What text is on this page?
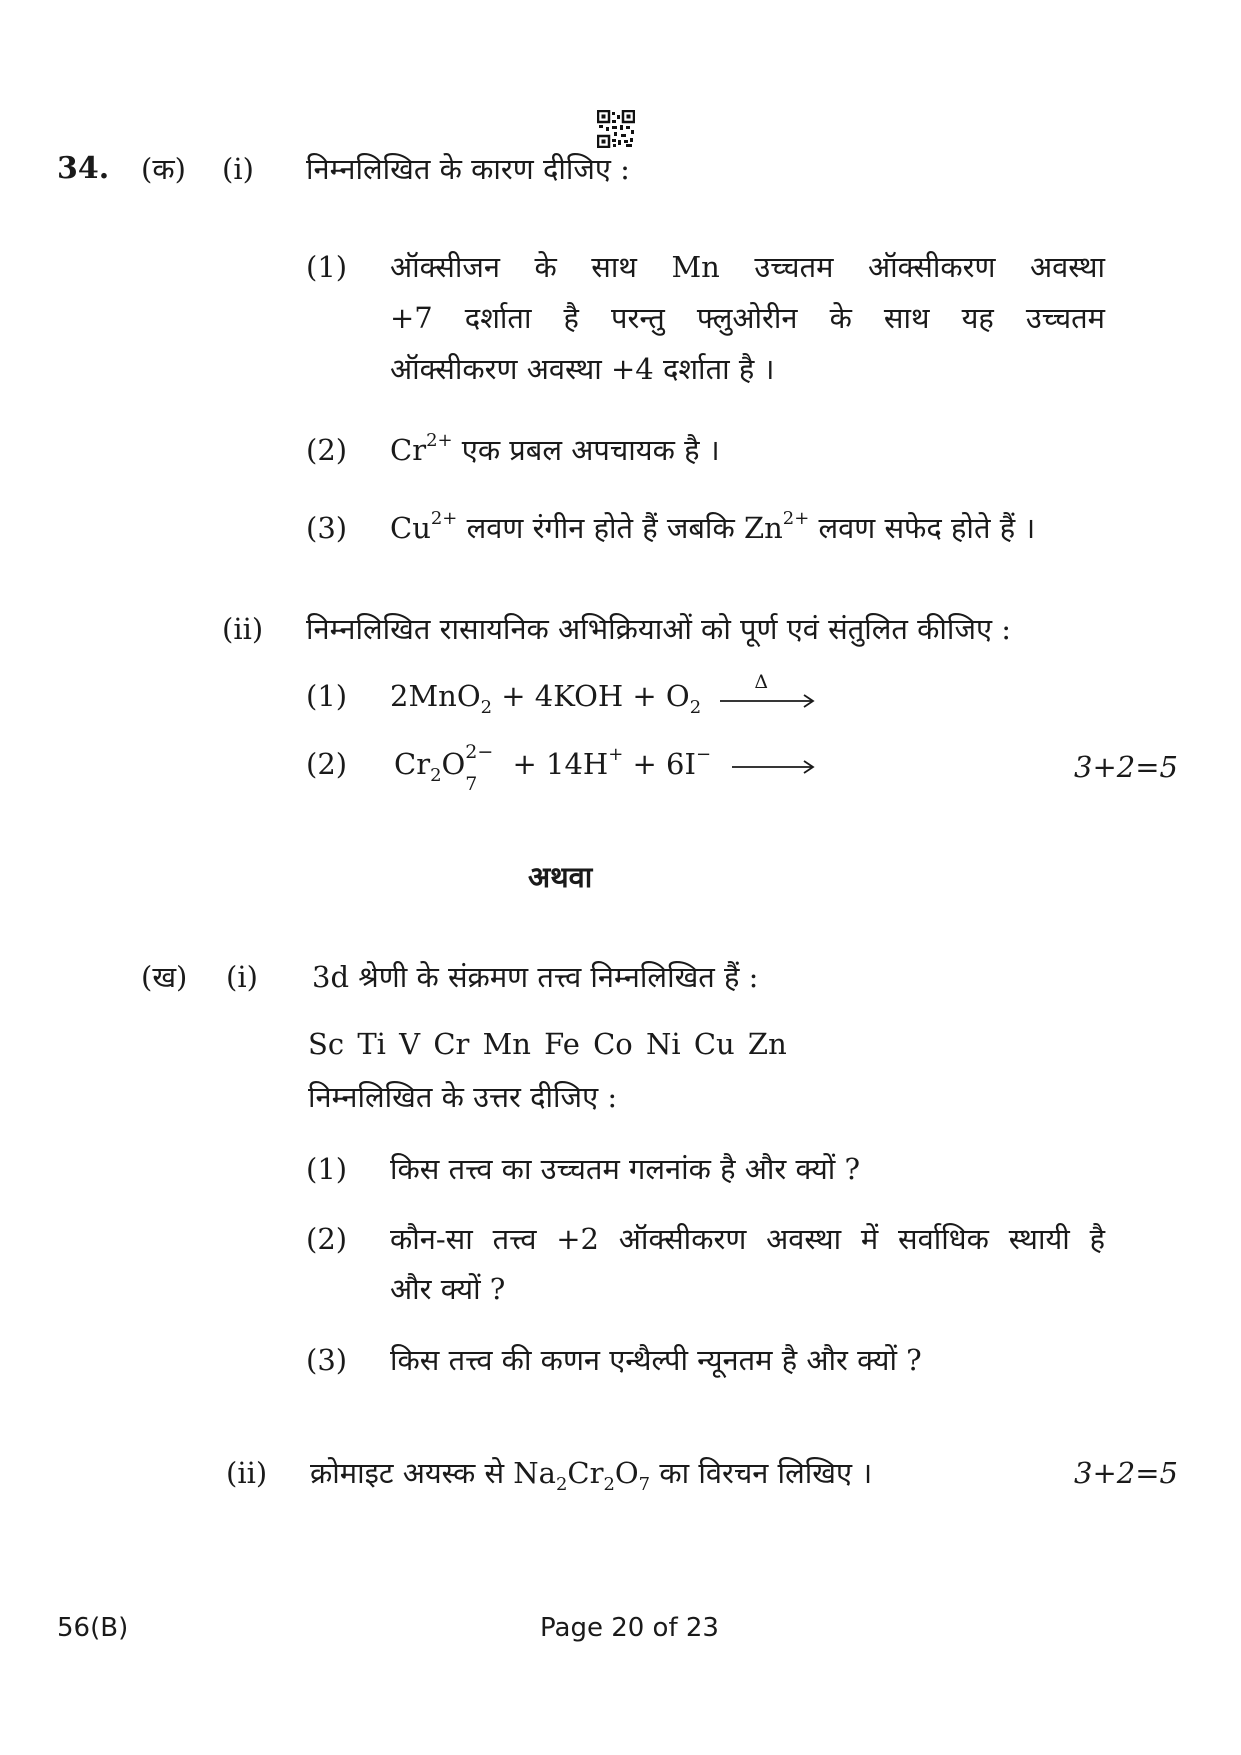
34. (क) (i) निम्नलिखित के कारण दीजिए :
(1) ऑक्सीजन के साथ Mn उच्चतम ऑक्सीकरण अवस्था
+7 दर्शाता है परन्तु फ्लुओरीन के साथ यह उच्चतम
ऑक्सीकरण अवस्था +4 दर्शाता है ।
(2) $Cr^{2+}$ एक प्रबल अपचायक है ।
(3) $Cu^{2+}$ लवण रंगीन होते हैं जबकि $Zn^{2+}$ लवण सफेद होते हैं ।
(ii) निम्नलिखित रासायनिक अभिक्रियाओं को पूर्ण एवं संतुलित कीजिए :
(1) $2MnO_2 + 4KOH + O_2$
Δ
(2) $Cr_2O$ 2−
7
+ 14H+ + 6I−	3+2=5
अथवा
(ख) (i) 3d श्रेणी के संक्रमण तत्त्व निम्नलिखित हैं :
Sc Ti V Cr Mn Fe Co Ni Cu Zn
निम्नलिखित के उत्तर दीजिए :
(1) किस तत्त्व का उच्चतम गलनांक है और क्यों ?
(2) कौन-सा तत्त्व +2 ऑक्सीकरण अवस्था में सर्वाधिक स्थायी है
और क्यों ?
(3) किस तत्त्व की कणन एन्थैल्पी न्यूनतम है और क्यों ?
(ii) क्रोमाइट अयस्क से $Na_2Cr_2O_7$ का विरचन लिखिए ।	3+2=5
56(B)	Page 20 of 23
